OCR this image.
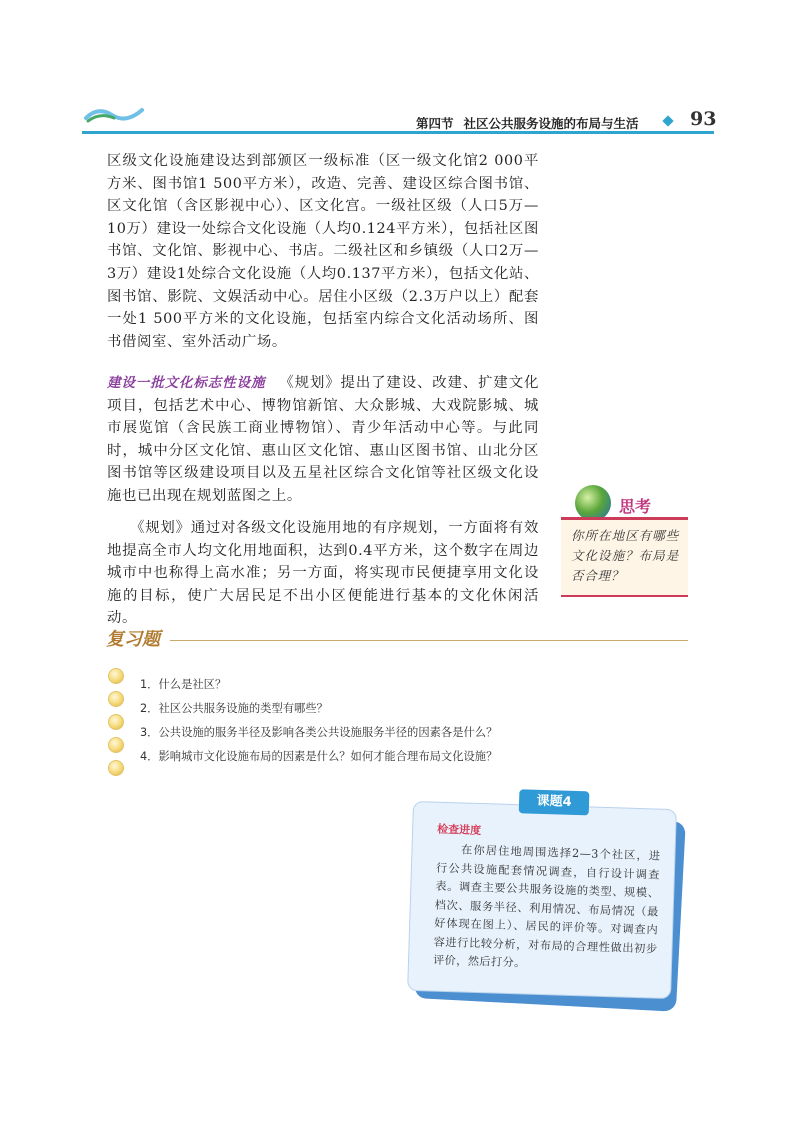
第四节 社区公共服务设施的布局与生活	93

区级文化设施建设达到部颁区一级标准（区一级文化馆2 000平方米、图书馆1 500平方米），改造、完善、建设区综合图书馆、区文化馆（含区影视中心）、区文化宫。一级社区级（人口5万—10万）建设一处综合文化设施（人均0.124平方米），包括社区图书馆、文化馆、影视中心、书店。二级社区和乡镇级（人口2万—3万）建设1处综合文化设施（人均0.137平方米），包括文化站、图书馆、影院、文娱活动中心。居住小区级（2.3万户以上）配套一处1 500平方米的文化设施，包括室内综合文化活动场所、图书借阅室、室外活动广场。

建设一批文化标志性设施 《规划》提出了建设、改建、扩建文化项目，包括艺术中心、博物馆新馆、大众影城、大戏院影城、城市展览馆（含民族工商业博物馆）、青少年活动中心等。与此同时，城中分区文化馆、惠山区文化馆、惠山区图书馆、山北分区图书馆等区级建设项目以及五星社区综合文化馆等社区级文化设施也已出现在规划蓝图之上。

　　《规划》通过对各级文化设施用地的有序规划，一方面将有效地提高全市人均文化用地面积，达到0.4平方米，这个数字在周边城市中也称得上高水准；另一方面，将实现市民便捷享用文化设施的目标，使广大居民足不出小区便能进行基本的文化休闲活动。

思考
你所在地区有哪些文化设施？布局是否合理？
复习题
1．什么是社区？
2．社区公共服务设施的类型有哪些？
3．公共设施的服务半径及影响各类公共设施服务半径的因素各是什么？
4．影响城市文化设施布局的因素是什么？如何才能合理布局文化设施？
课题4
检查进度
在你居住地周围选择2—3个社区，进行公共设施配套情况调查，自行设计调查表。调查主要公共服务设施的类型、规模、档次、服务半径、利用情况、布局情况（最好体现在图上）、居民的评价等。对调查内容进行比较分析，对布局的合理性做出初步评价，然后打分。
